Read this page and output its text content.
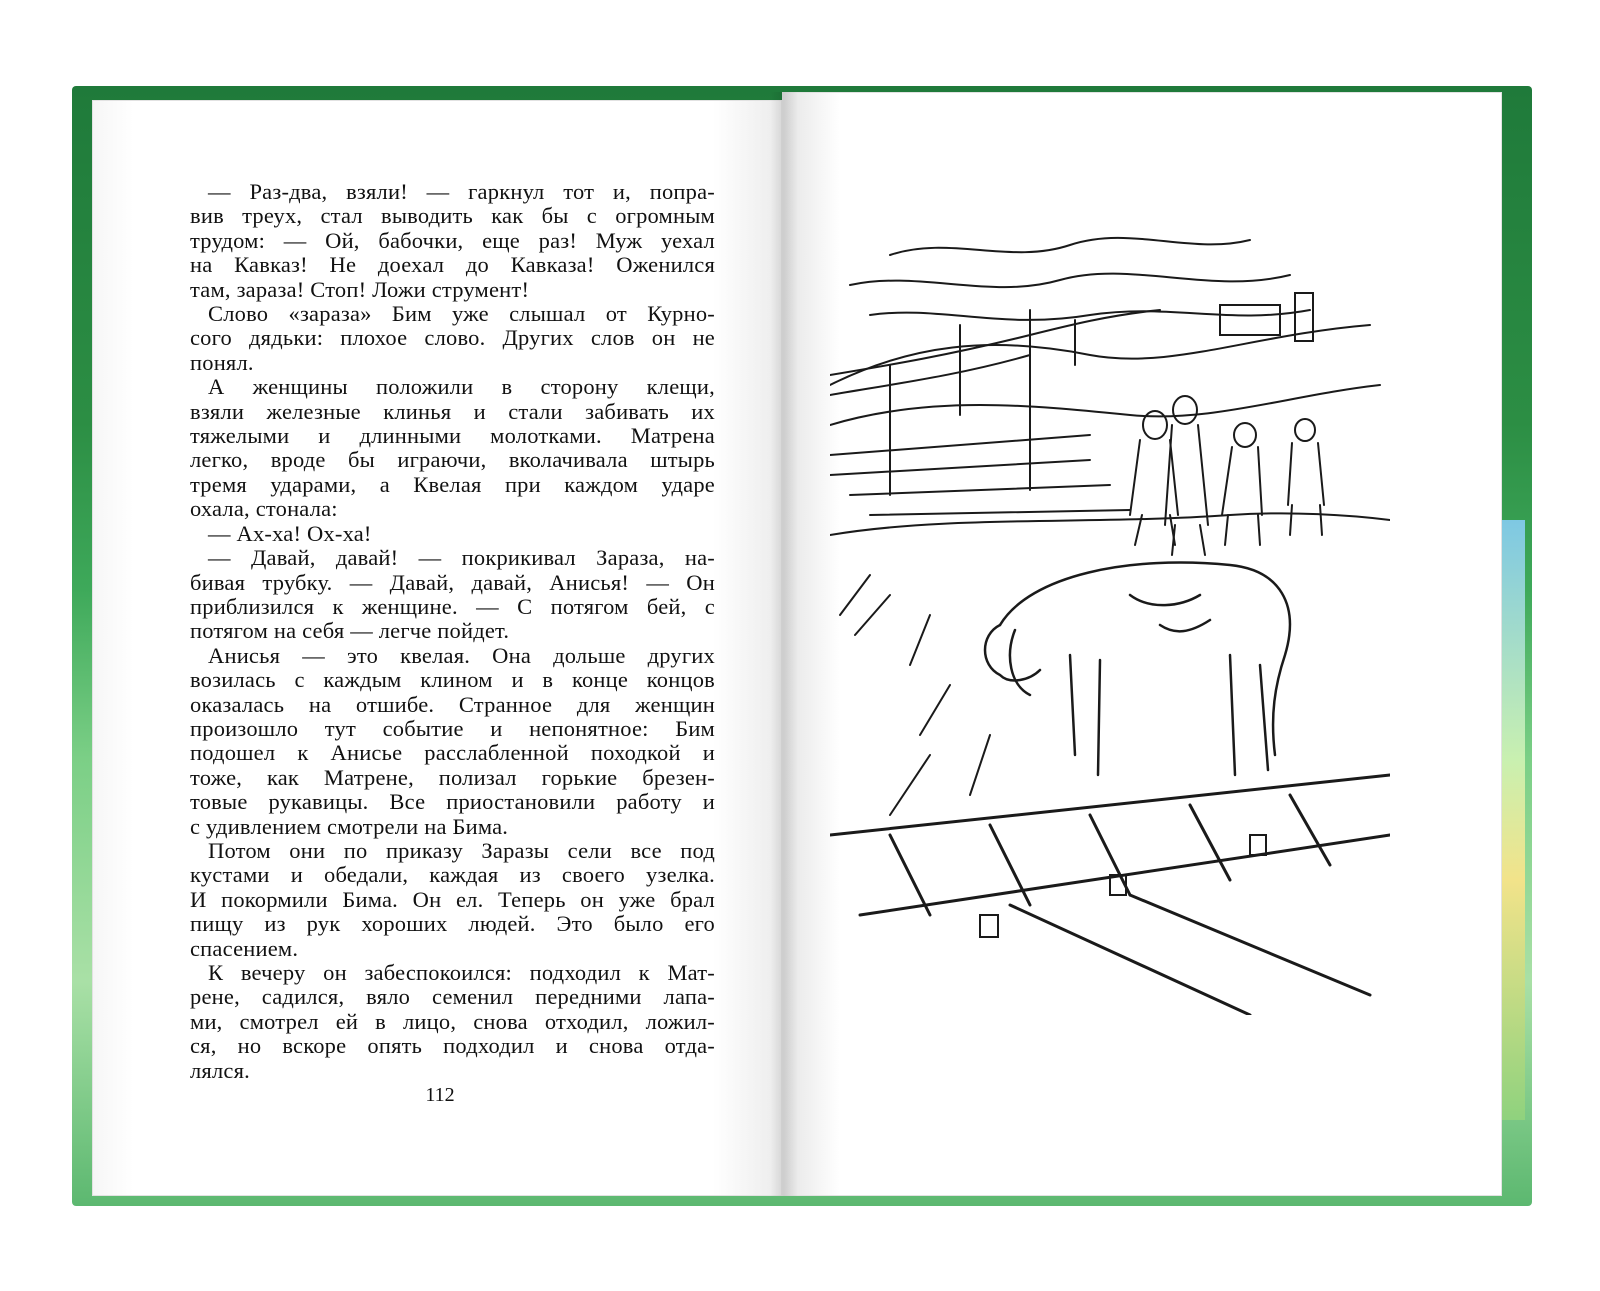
— Раз-два, взяли! — гаркнул тот и, попра-
вив треух, стал выводить как бы с огромным
трудом: — Ой, бабочки, еще раз! Муж уехал
на Кавказ! Не доехал до Кавказа! Оженился
там, зараза! Стоп! Ложи струмент!
Слово «зараза» Бим уже слышал от Курно-
сого дядьки: плохое слово. Других слов он не
понял.
А женщины положили в сторону клещи,
взяли железные клинья и стали забивать их
тяжелыми и длинными молотками. Матрена
легко, вроде бы играючи, вколачивала штырь
тремя ударами, а Квелая при каждом ударе
охала, стонала:
— Ах-ха! Ох-ха!
— Давай, давай! — покрикивал Зараза, на-
бивая трубку. — Давай, давай, Анисья! — Он
приблизился к женщине. — С потягом бей, с
потягом на себя — легче пойдет.
Анисья — это квелая. Она дольше других
возилась с каждым клином и в конце концов
оказалась на отшибе. Странное для женщин
произошло тут событие и непонятное: Бим
подошел к Анисье расслабленной походкой и
тоже, как Матрене, полизал горькие брезен-
товые рукавицы. Все приостановили работу и
с удивлением смотрели на Бима.
Потом они по приказу Заразы сели все под
кустами и обедали, каждая из своего узелка.
И покормили Бима. Он ел. Теперь он уже брал
пищу из рук хороших людей. Это было его
спасением.
К вечеру он забеспокоился: подходил к Мат-
рене, садился, вяло семенил передними лапа-
ми, смотрел ей в лицо, снова отходил, ложил-
ся, но вскоре опять подходил и снова отда-
лялся.
112
